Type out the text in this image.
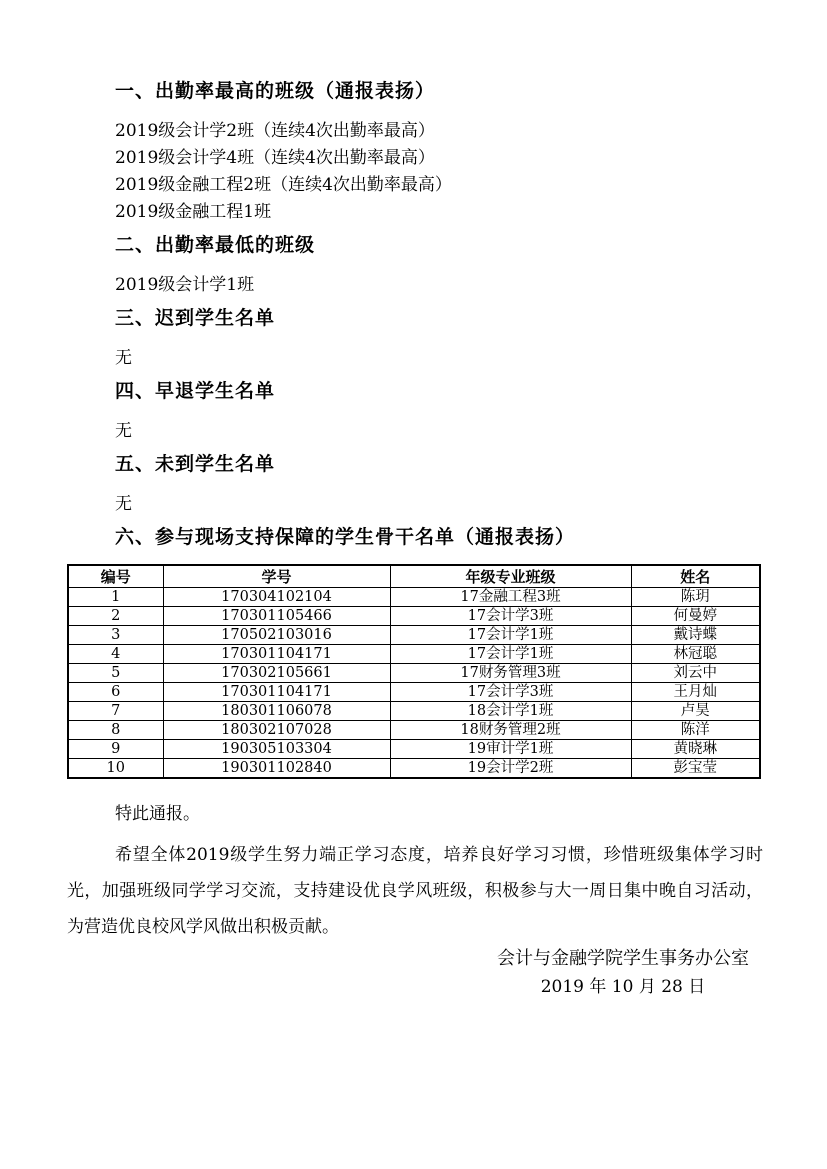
一、出勤率最高的班级（通报表扬）
2019级会计学2班（连续4次出勤率最高）
2019级会计学4班（连续4次出勤率最高）
2019级金融工程2班（连续4次出勤率最高）
2019级金融工程1班
二、出勤率最低的班级
2019级会计学1班
三、迟到学生名单
无
四、早退学生名单
无
五、未到学生名单
无
六、参与现场支持保障的学生骨干名单（通报表扬）
编号	学号	年级专业班级	姓名
1	170304102104	17金融工程3班	陈玥
2	170301105466	17会计学3班	何曼婷
3	170502103016	17会计学1班	戴诗蝶
4	170301104171	17会计学1班	林冠聪
5	170302105661	17财务管理3班	刘云中
6	170301104171	17会计学3班	王月灿
7	180301106078	18会计学1班	卢昊
8	180302107028	18财务管理2班	陈洋
9	190305103304	19审计学1班	黄晓琳
10	190301102840	19会计学2班	彭宝莹
特此通报。
希望全体2019级学生努力端正学习态度，培养良好学习习惯，珍惜班级集体学习时光，加强班级同学学习交流，支持建设优良学风班级，积极参与大一周日集中晚自习活动，为营造优良校风学风做出积极贡献。
会计与金融学院学生事务办公室
2019 年 10 月 28 日
